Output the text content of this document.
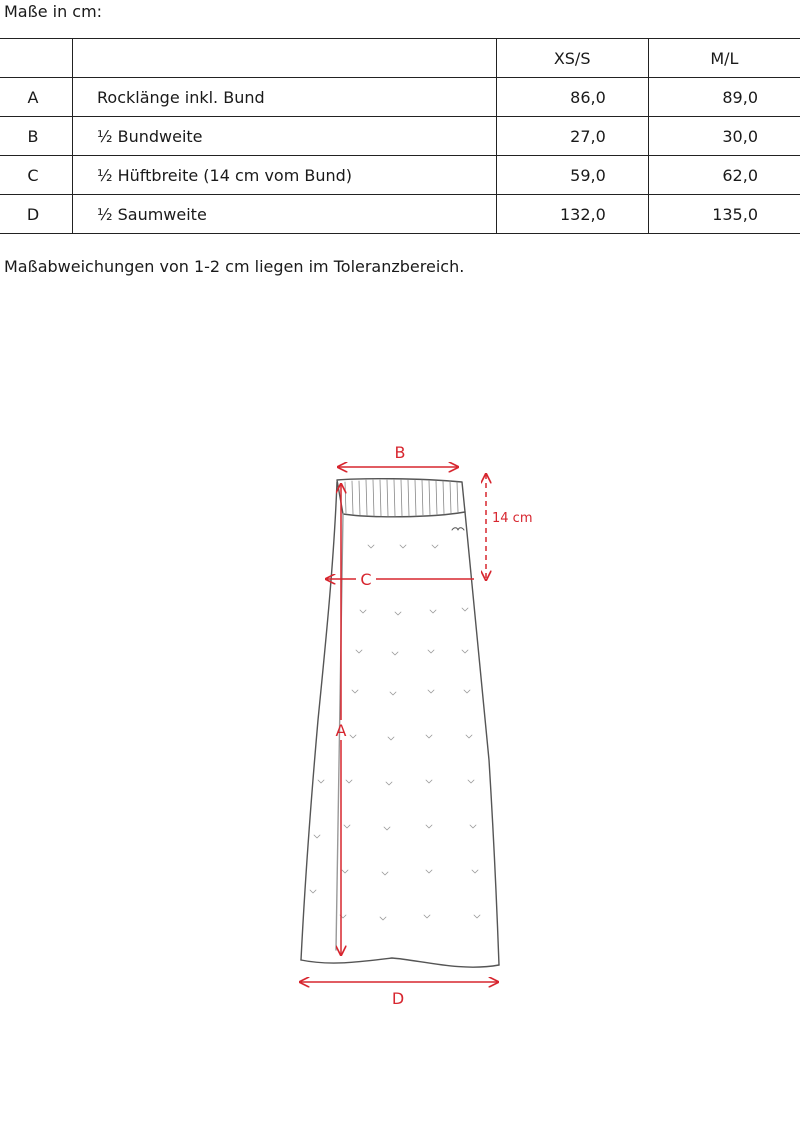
Maße in cm:
		XS/S	M/L
A	Rocklänge inkl. Bund	86,0	89,0
B	½ Bundweite	27,0	30,0
C	½ Hüftbreite (14 cm vom Bund)	59,0	62,0
D	½ Saumweite	132,0	135,0
Maßabweichungen von 1-2 cm liegen im Toleranzbereich.
B
14 cm
C
A
D
